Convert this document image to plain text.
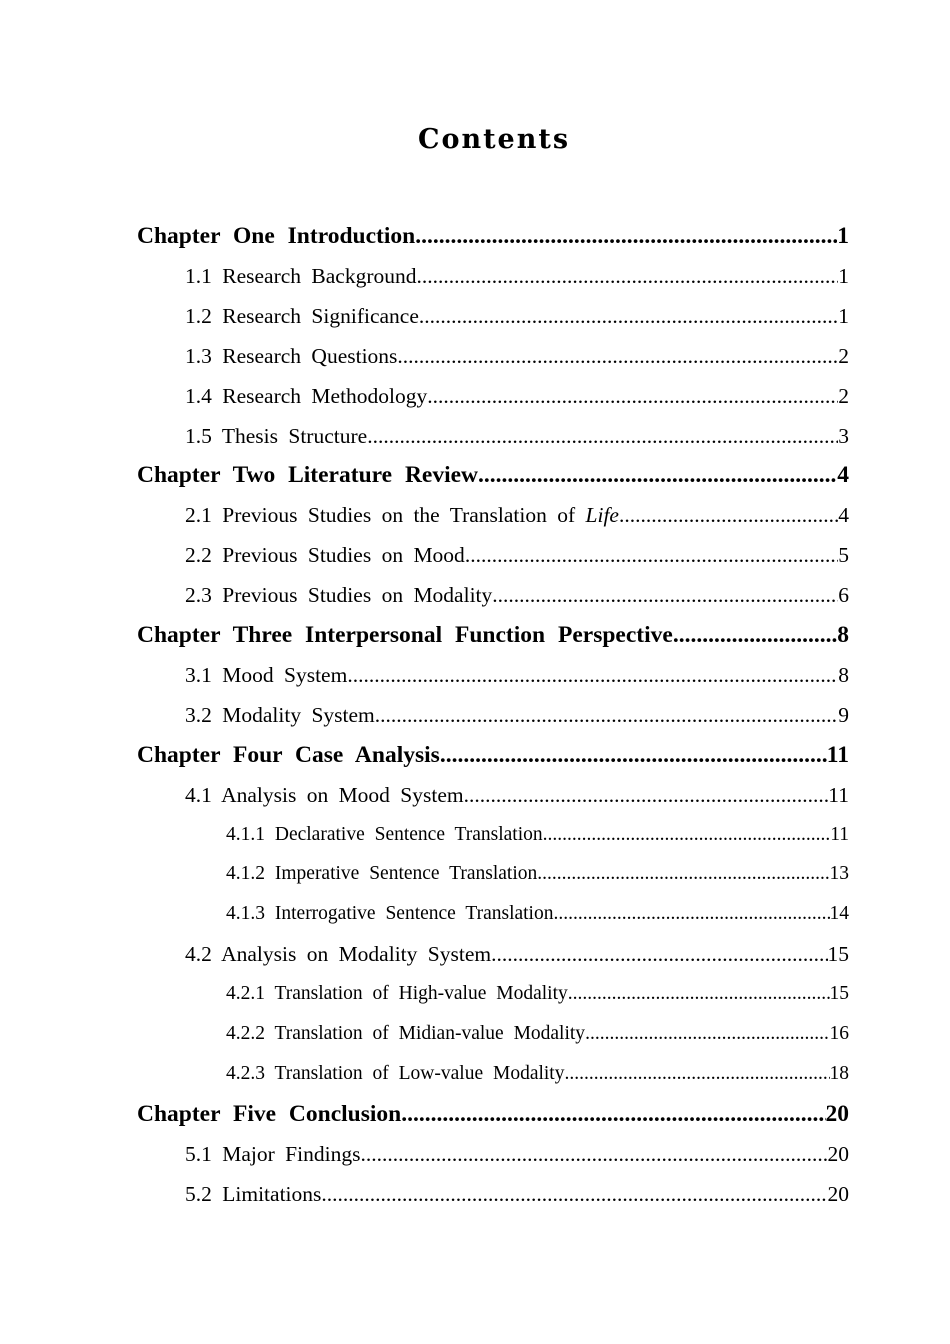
Contents
Chapter One Introduction .....	1
1.1 Research Background .....	1
1.2 Research Significance .....	1
1.3 Research Questions .....	2
1.4 Research Methodology .....	2
1.5 Thesis Structure .....	3
Chapter Two Literature Review .....	4
2.1 Previous Studies on the Translation of Life .....	4
2.2 Previous Studies on Mood .....	5
2.3 Previous Studies on Modality .....	6
Chapter Three Interpersonal Function Perspective .....	8
3.1 Mood System .....	8
3.2 Modality System .....	9
Chapter Four Case Analysis .....	11
4.1 Analysis on Mood System .....	11
4.1.1 Declarative Sentence Translation .....	11
4.1.2 Imperative Sentence Translation .....	13
4.1.3 Interrogative Sentence Translation .....	14
4.2 Analysis on Modality System .....	15
4.2.1 Translation of High-value Modality .....	15
4.2.2 Translation of Midian-value Modality .....	16
4.2.3 Translation of Low-value Modality .....	18
Chapter Five Conclusion .....	20
5.1 Major Findings .....	20
5.2 Limitations .....	20
